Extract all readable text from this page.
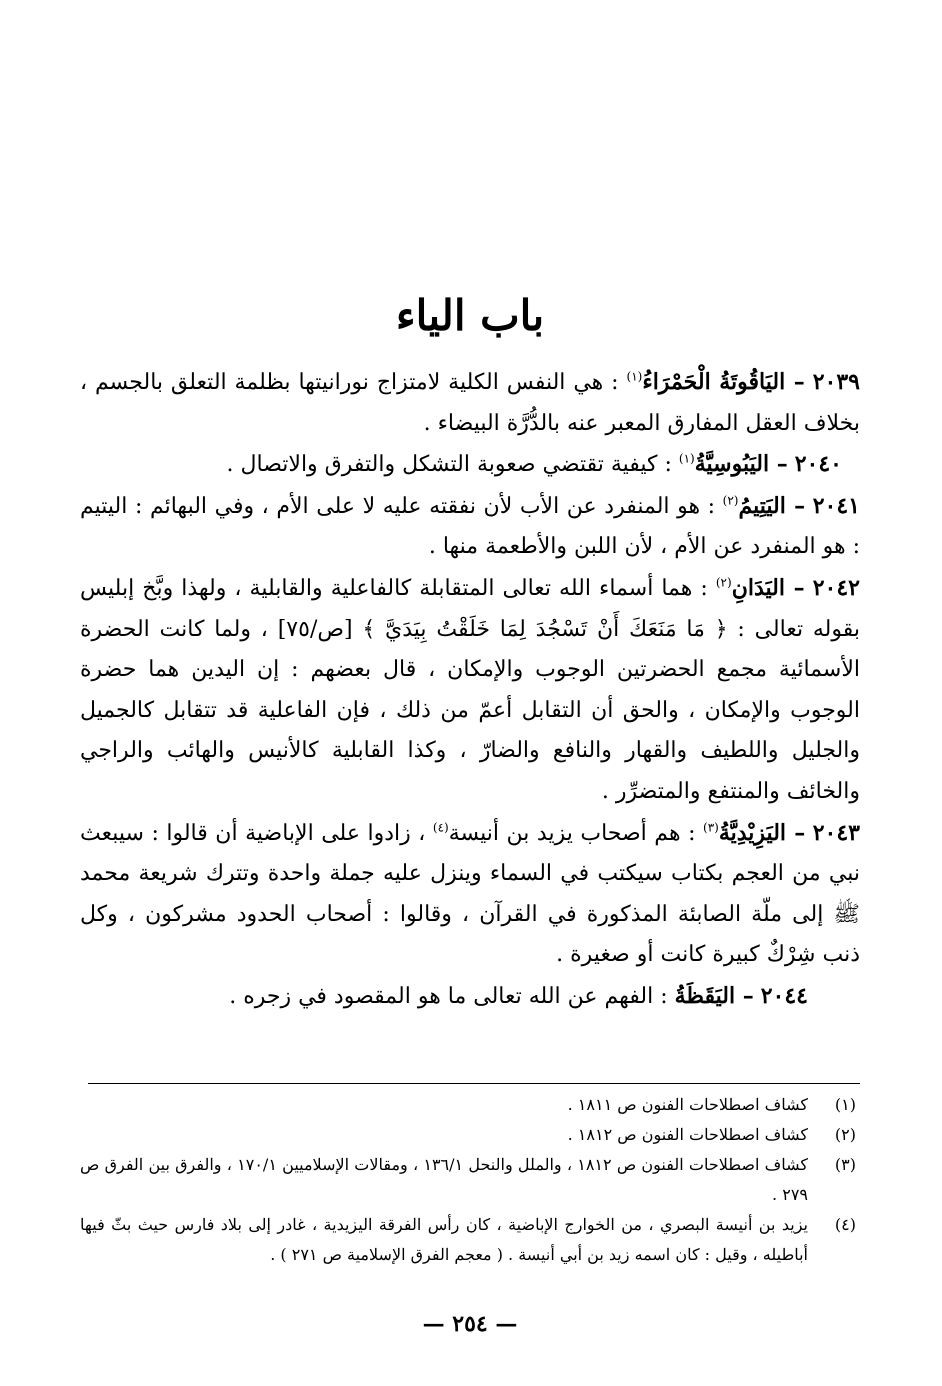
باب الياء

٢٠٣٩ – اليَاقُوتَةُ الْحَمْرَاءُ$^{(١)}$ : هي النفس الكلية لامتزاج نورانيتها بظلمة التعلق بالجسم ، بخلاف العقل المفارق المعبر عنه بالدُّرَّة البيضاء .

٢٠٤٠ – اليَبُوسِيَّةُ$^{(١)}$ : كيفية تقتضي صعوبة التشكل والتفرق والاتصال .

٢٠٤١ – اليَتِيمُ$^{(٢)}$ : هو المنفرد عن الأب لأن نفقته عليه لا على الأم ، وفي البهائم : اليتيم : هو المنفرد عن الأم ، لأن اللبن والأطعمة منها .

٢٠٤٢ – اليَدَانِ$^{(٢)}$ : هما أسماء الله تعالى المتقابلة كالفاعلية والقابلية ، ولهذا وبَّخ إبليس بقوله تعالى : ﴿ مَا مَنَعَكَ أَنْ تَسْجُدَ لِمَا خَلَقْتُ بِيَدَيَّ ﴾ [ص/٧٥] ، ولما كانت الحضرة الأسمائية مجمع الحضرتين الوجوب والإمكان ، قال بعضهم : إن اليدين هما حضرة الوجوب والإمكان ، والحق أن التقابل أعمّ من ذلك ، فإن الفاعلية قد تتقابل كالجميل والجليل واللطيف والقهار والنافع والضارّ ، وكذا القابلية كالأنيس والهائب والراجي والخائف والمنتفع والمتضرِّر .

٢٠٤٣ – اليَزِيْدِيَّةُ$^{(٣)}$ : هم أصحاب يزيد بن أنيسة$^{(٤)}$ ، زادوا على الإباضية أن قالوا : سيبعث نبي من العجم بكتاب سيكتب في السماء وينزل عليه جملة واحدة وتترك شريعة محمد ﷺ إلى ملّة الصابئة المذكورة في القرآن ، وقالوا : أصحاب الحدود مشركون ، وكل ذنب شِرْكٌ كبيرة كانت أو صغيرة .

٢٠٤٤ – اليَقَظَةُ : الفهم عن الله تعالى ما هو المقصود في زجره .

(١)
كشاف اصطلاحات الفنون ص ١٨١١ .
(٢)
كشاف اصطلاحات الفنون ص ١٨١٢ .
(٣)
كشاف اصطلاحات الفنون ص ١٨١٢ ، والملل والنحل ١٣٦/١ ، ومقالات الإسلاميين ١٧٠/١ ، والفرق بين الفرق ص ٢٧٩ .
(٤)
يزيد بن أنيسة البصري ، من الخوارج الإباضية ، كان رأس الفرقة اليزيدية ، غادر إلى بلاد فارس حيث بثّ فيها أباطيله ، وقيل : كان اسمه زيد بن أبي أنيسة . ( معجم الفرق الإسلامية ص ٢٧١ ) .
— ٢٥٤ —
